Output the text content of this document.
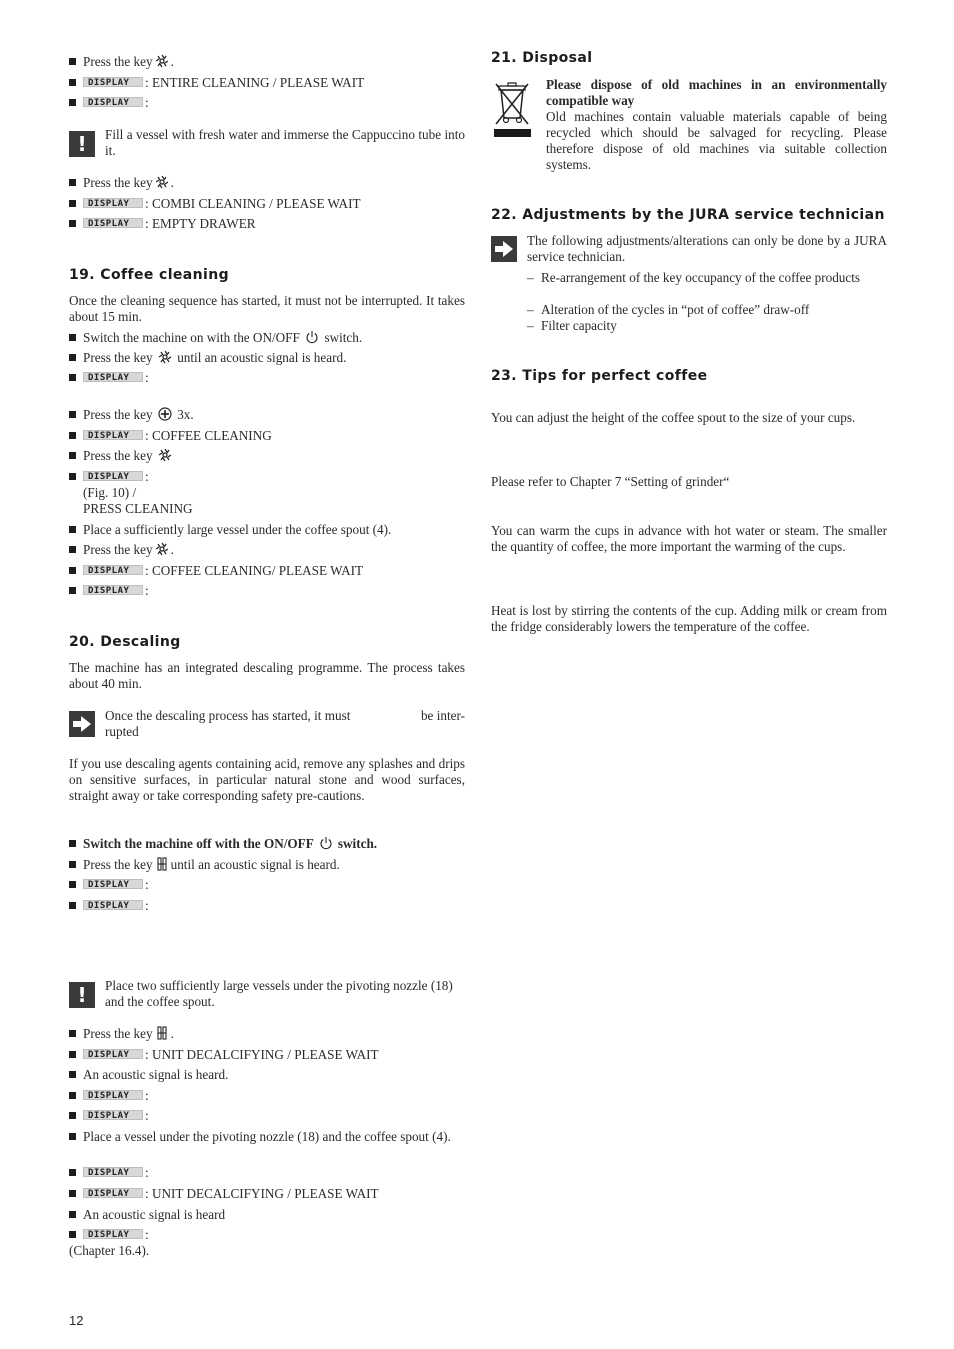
Press the key .
DISPLAY: ENTIRE CLEANING / PLEASE WAIT
DISPLAY:
!
Fill a vessel with fresh water and immerse the Cappuccino tube into it.
Press the key .
DISPLAY: COMBI CLEANING / PLEASE WAIT
DISPLAY: EMPTY DRAWER
19. Coffee cleaning
Once the cleaning sequence has started, it must not be interrupted. It takes about 15 min.
Switch the machine on with the ON/OFF switch.
Press the key until an acoustic signal is heard.
DISPLAY:
Press the key 3x.
DISPLAY: COFFEE CLEANING
Press the key
DISPLAY:
(Fig. 10) /
PRESS CLEANING
Place a sufficiently large vessel under the coffee spout (4).
Press the key .
DISPLAY: COFFEE CLEANING/ PLEASE WAIT
DISPLAY:
20. Descaling
The machine has an integrated descaling programme. The process takes about 40 min.
Once the descaling process has started, it must	be inter-
rupted
If you use descaling agents containing acid, remove any splashes and drips on sensitive surfaces, in particular natural stone and wood surfaces, straight away or take corresponding safety pre-cautions.
Switch the machine off with the ON/OFF switch.
Press the key until an acoustic signal is heard.
DISPLAY:
DISPLAY:
!
Place two sufficiently large vessels under the pivoting nozzle (18) and the coffee spout.
Press the key .
DISPLAY: UNIT DECALCIFYING / PLEASE WAIT
An acoustic signal is heard.
DISPLAY:
DISPLAY:
Place a vessel under the pivoting nozzle (18) and the coffee spout (4).
DISPLAY:
DISPLAY: UNIT DECALCIFYING / PLEASE WAIT
An acoustic signal is heard
DISPLAY:
(Chapter 16.4).
21. Disposal
Please dispose of old machines in an environmentally compatible way
Old machines contain valuable materials capable of being recycled which should be salvaged for recycling. Please therefore dispose of old machines via suitable collection systems.
22. Adjustments by the JURA service technician
The following adjustments/alterations can only be done by a JURA service technician.
– Re-arrangement of the key occupancy of the coffee products
– Alteration of the cycles in “pot of coffee” draw-off
– Filter capacity
23. Tips for perfect coffee
You can adjust the height of the coffee spout to the size of your cups.
Please refer to Chapter 7 “Setting of grinder“
You can warm the cups in advance with hot water or steam. The smaller the quantity of coffee, the more important the warming of the cups.
Heat is lost by stirring the contents of the cup. Adding milk or cream from the fridge considerably lowers the temperature of the coffee.
12
